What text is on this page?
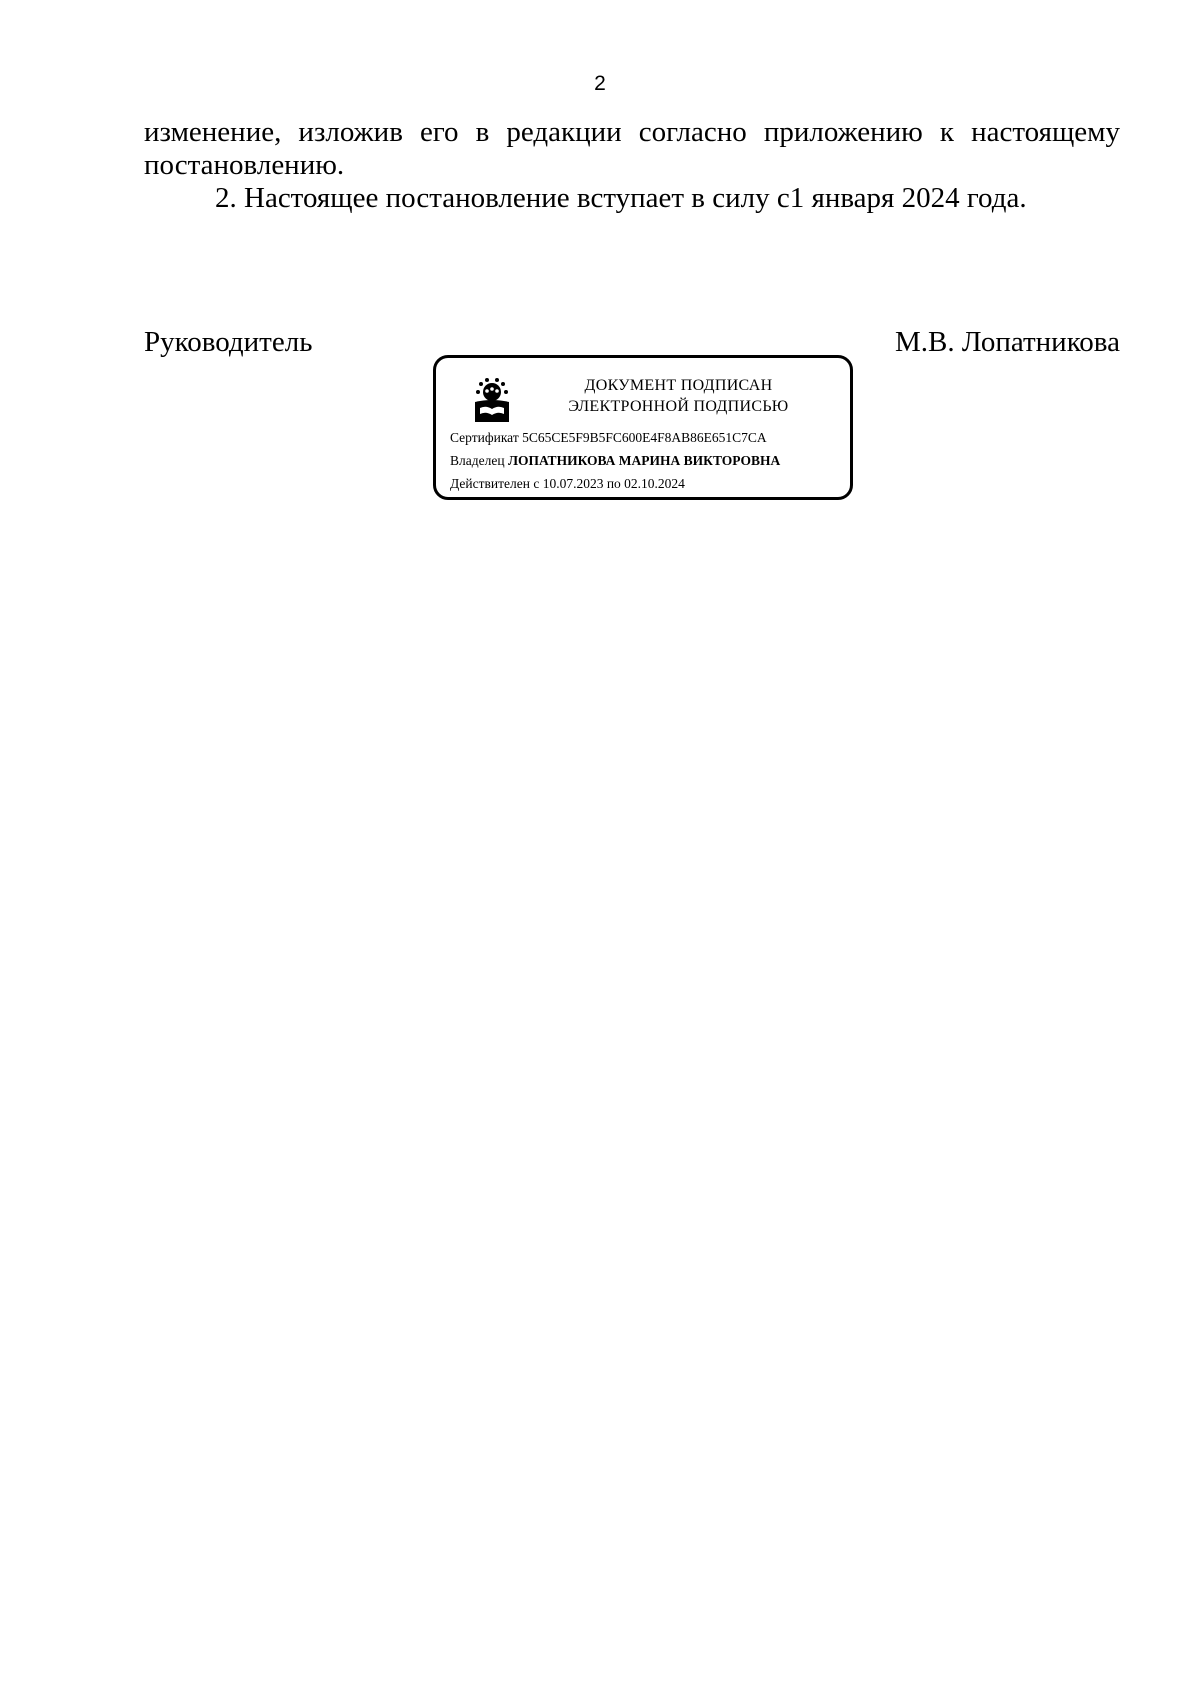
2
изменение, изложив его в редакции согласно приложению к настоящему постановлению.
2. Настоящее постановление вступает в силу с1 января 2024 года.
Руководитель	М.В. Лопатникова
ДОКУМЕНТ ПОДПИСАН
ЭЛЕКТРОННОЙ ПОДПИСЬЮ
Сертификат 5C65CE5F9B5FC600E4F8AB86E651C7CA
Владелец ЛОПАТНИКОВА МАРИНА ВИКТОРОВНА
Действителен с 10.07.2023 по 02.10.2024
